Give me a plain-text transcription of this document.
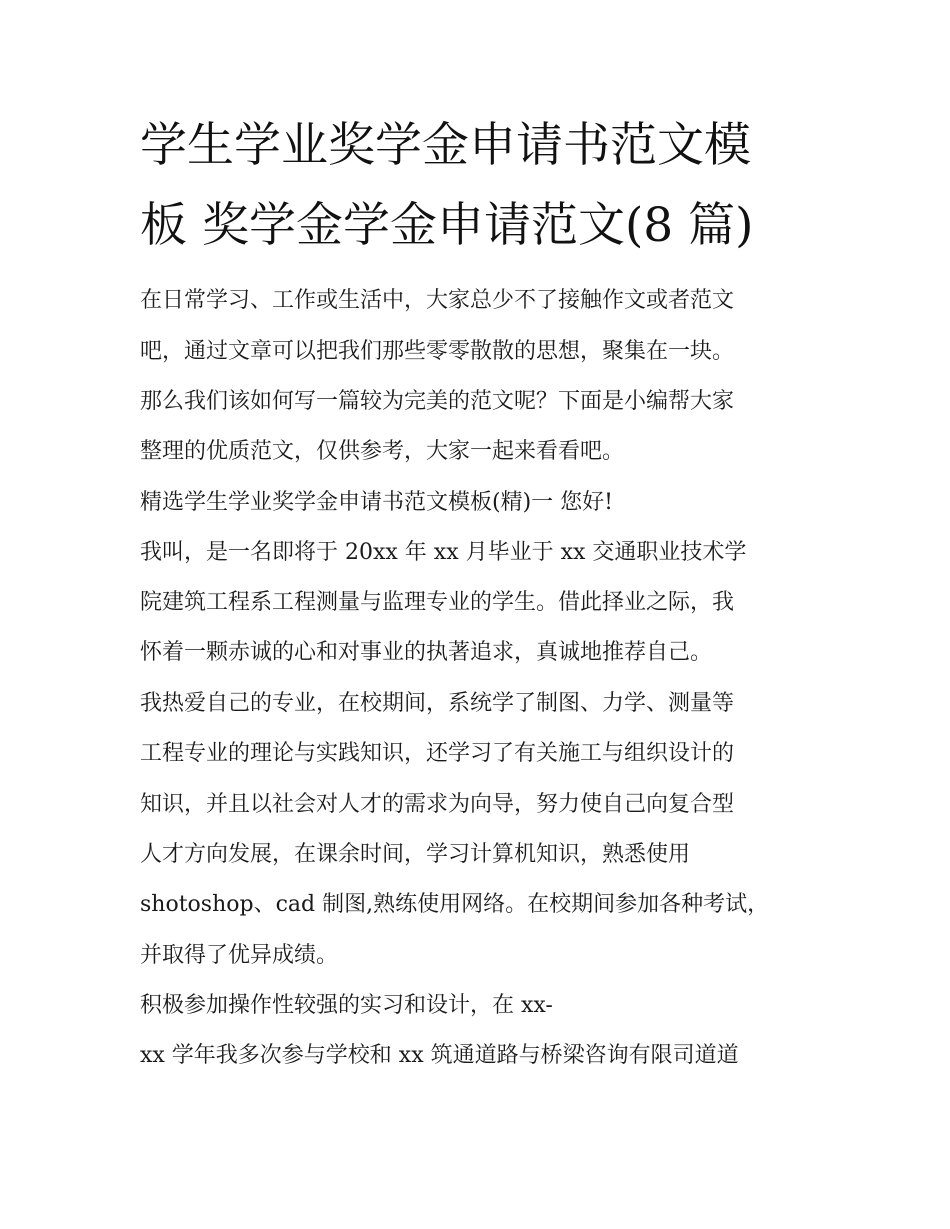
学生学业奖学金申请书范文模
板 奖学金学金申请范文(8 篇)
在日常学习、工作或生活中，大家总少不了接触作文或者范文
吧，通过文章可以把我们那些零零散散的思想，聚集在一块。
那么我们该如何写一篇较为完美的范文呢？下面是小编帮大家
整理的优质范文，仅供参考，大家一起来看看吧。
精选学生学业奖学金申请书范文模板(精)一 您好!
我叫，是一名即将于 20xx 年 xx 月毕业于 xx 交通职业技术学
院建筑工程系工程测量与监理专业的学生。借此择业之际，我
怀着一颗赤诚的心和对事业的执著追求，真诚地推荐自己。
我热爱自己的专业，在校期间，系统学了制图、力学、测量等
工程专业的理论与实践知识，还学习了有关施工与组织设计的
知识，并且以社会对人才的需求为向导，努力使自己向复合型
人才方向发展，在课余时间，学习计算机知识，熟悉使用
shotoshop、cad 制图,熟练使用网络。在校期间参加各种考试，
并取得了优异成绩。
积极参加操作性较强的实习和设计，在 xx-
xx 学年我多次参与学校和 xx 筑通道路与桥梁咨询有限司道道
